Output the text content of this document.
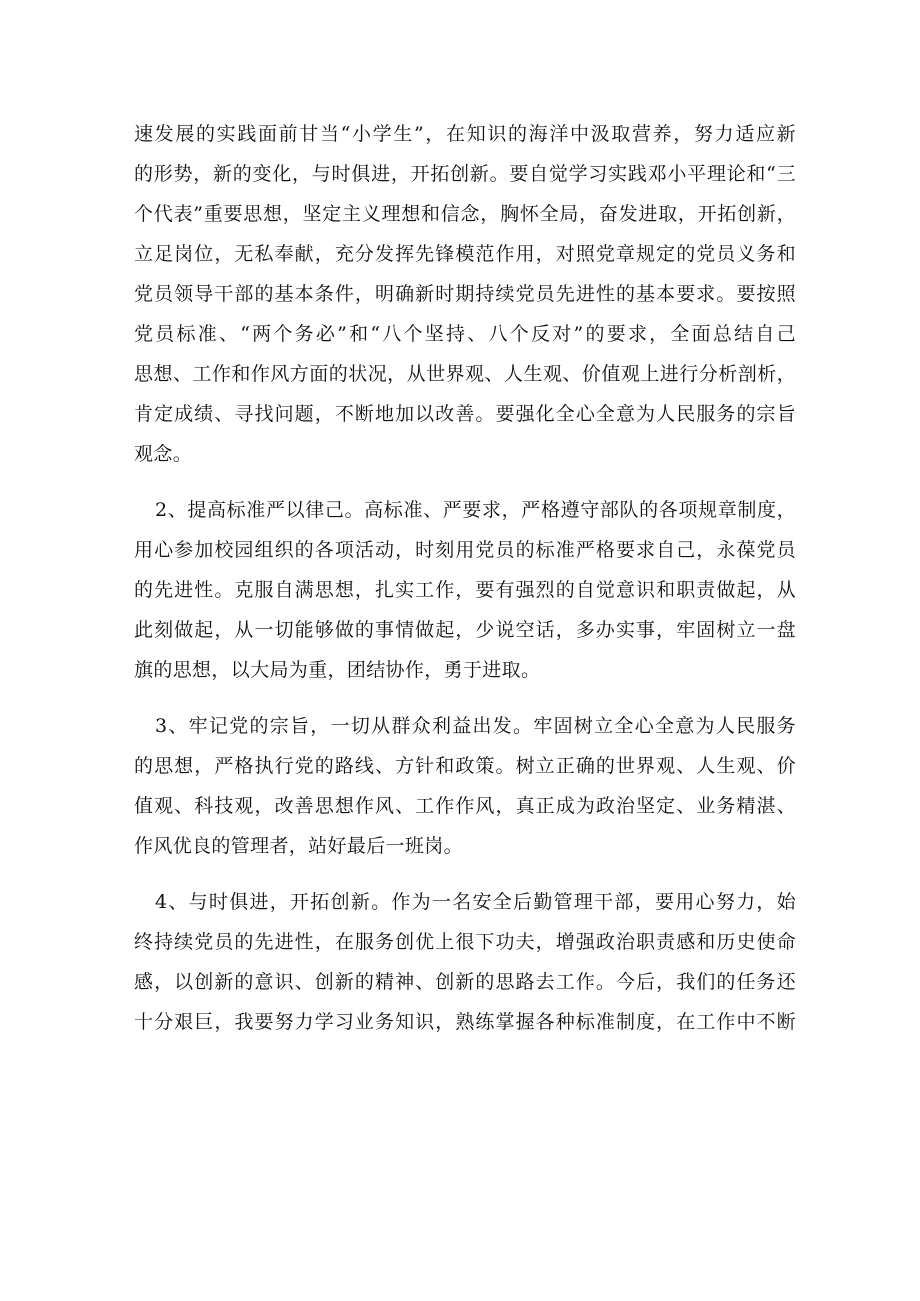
速发展的实践面前甘当“小学生”，在知识的海洋中汲取营养，努力适应新
的形势，新的变化，与时俱进，开拓创新。要自觉学习实践邓小平理论和“三
个代表”重要思想，坚定主义理想和信念，胸怀全局，奋发进取，开拓创新，
立足岗位，无私奉献，充分发挥先锋模范作用，对照党章规定的党员义务和
党员领导干部的基本条件，明确新时期持续党员先进性的基本要求。要按照
党员标准、“两个务必”和“八个坚持、八个反对”的要求，全面总结自己
思想、工作和作风方面的状况，从世界观、人生观、价值观上进行分析剖析，
肯定成绩、寻找问题，不断地加以改善。要强化全心全意为人民服务的宗旨
观念。
2、提高标准严以律己。高标准、严要求，严格遵守部队的各项规章制度，
用心参加校园组织的各项活动，时刻用党员的标准严格要求自己，永葆党员
的先进性。克服自满思想，扎实工作，要有强烈的自觉意识和职责做起，从
此刻做起，从一切能够做的事情做起，少说空话，多办实事，牢固树立一盘
旗的思想，以大局为重，团结协作，勇于进取。
3、牢记党的宗旨，一切从群众利益出发。牢固树立全心全意为人民服务
的思想，严格执行党的路线、方针和政策。树立正确的世界观、人生观、价
值观、科技观，改善思想作风、工作作风，真正成为政治坚定、业务精湛、
作风优良的管理者，站好最后一班岗。
4、与时俱进，开拓创新。作为一名安全后勤管理干部，要用心努力，始
终持续党员的先进性，在服务创优上很下功夫，增强政治职责感和历史使命
感，以创新的意识、创新的精神、创新的思路去工作。今后，我们的任务还
十分艰巨，我要努力学习业务知识，熟练掌握各种标准制度，在工作中不断
